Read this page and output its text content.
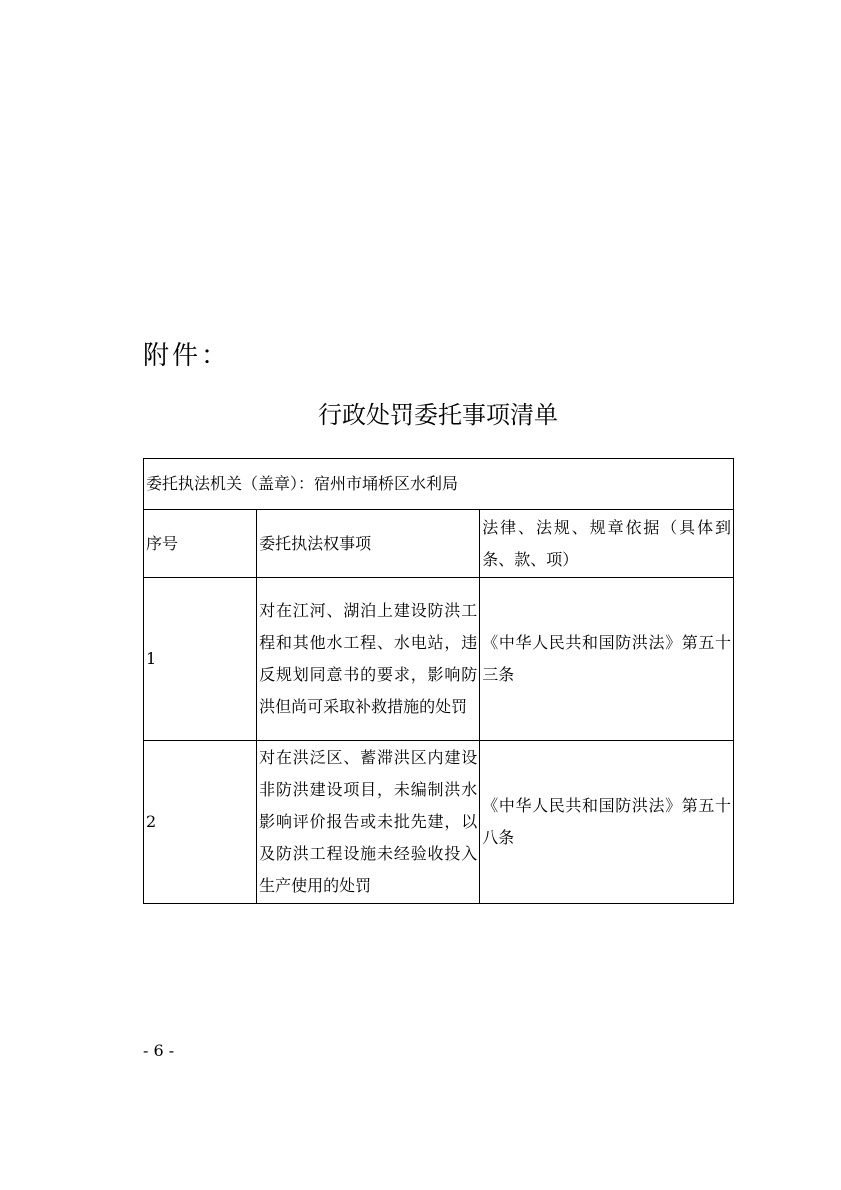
附件：
行政处罚委托事项清单
委托执法机关（盖章）：宿州市埇桥区水利局		
序号	委托执法权事项	法律、法规、规章依据（具体到条、款、项）
1	对在江河、湖泊上建设防洪工程和其他水工程、水电站，违反规划同意书的要求，影响防洪但尚可采取补救措施的处罚	《中华人民共和国防洪法》第五十三条
2	对在洪泛区、蓄滞洪区内建设非防洪建设项目，未编制洪水影响评价报告或未批先建，以及防洪工程设施未经验收投入生产使用的处罚	《中华人民共和国防洪法》第五十八条
- 6 -
